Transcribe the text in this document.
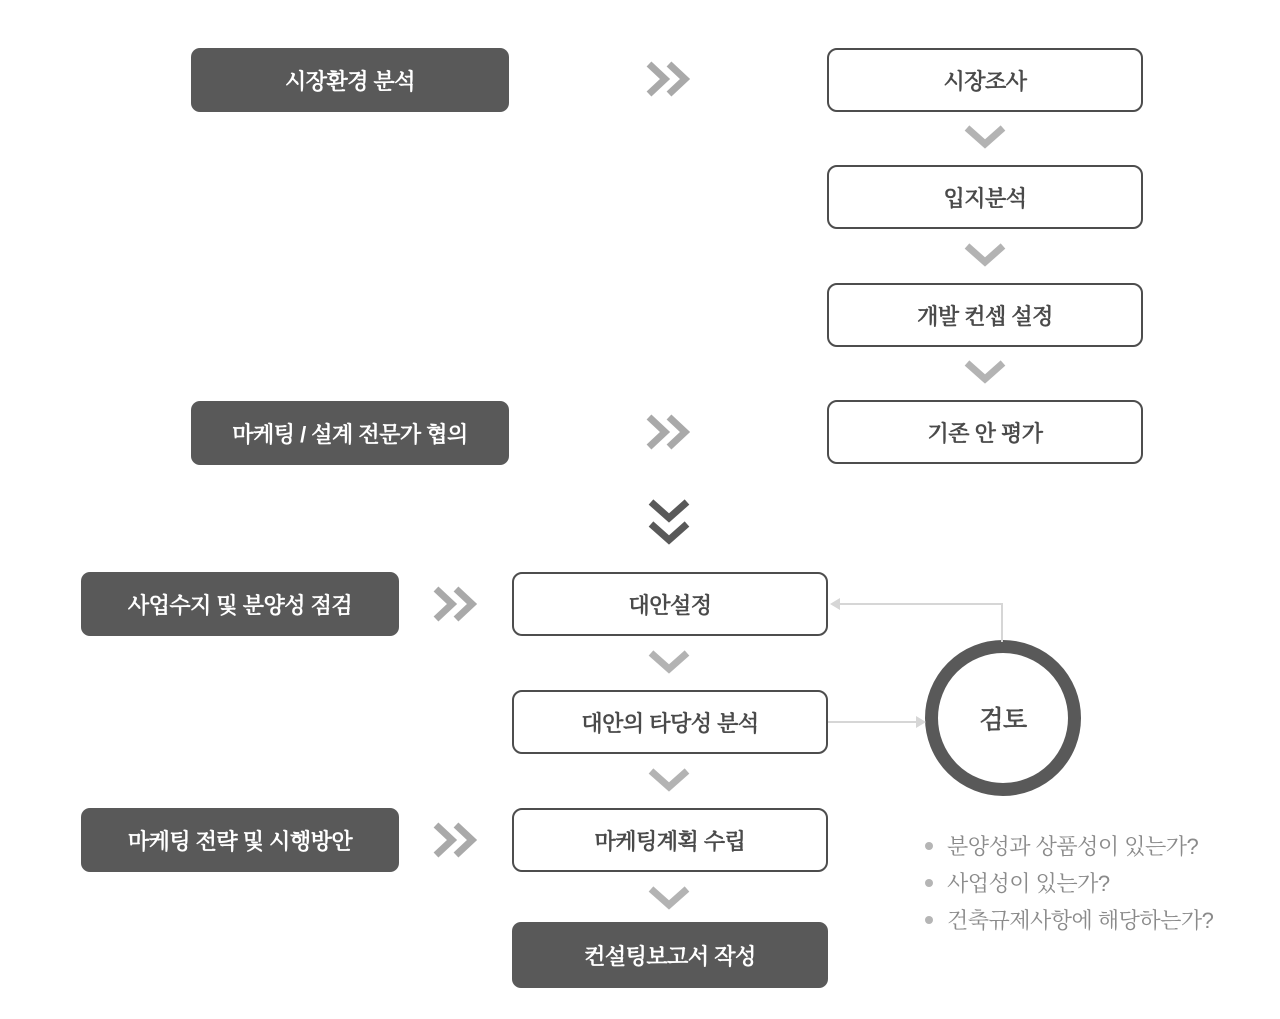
시장환경 분석
마케팅 / 설계 전문가 협의
사업수지 및 분양성 점검
마케팅 전략 및 시행방안
시장조사
입지분석
개발 컨셉 설정
기존 안 평가
대안설정
대안의 타당성 분석
마케팅계획 수립
컨설팅보고서 작성
검토
분양성과 상품성이 있는가?
사업성이 있는가?
건축규제사항에 해당하는가?
